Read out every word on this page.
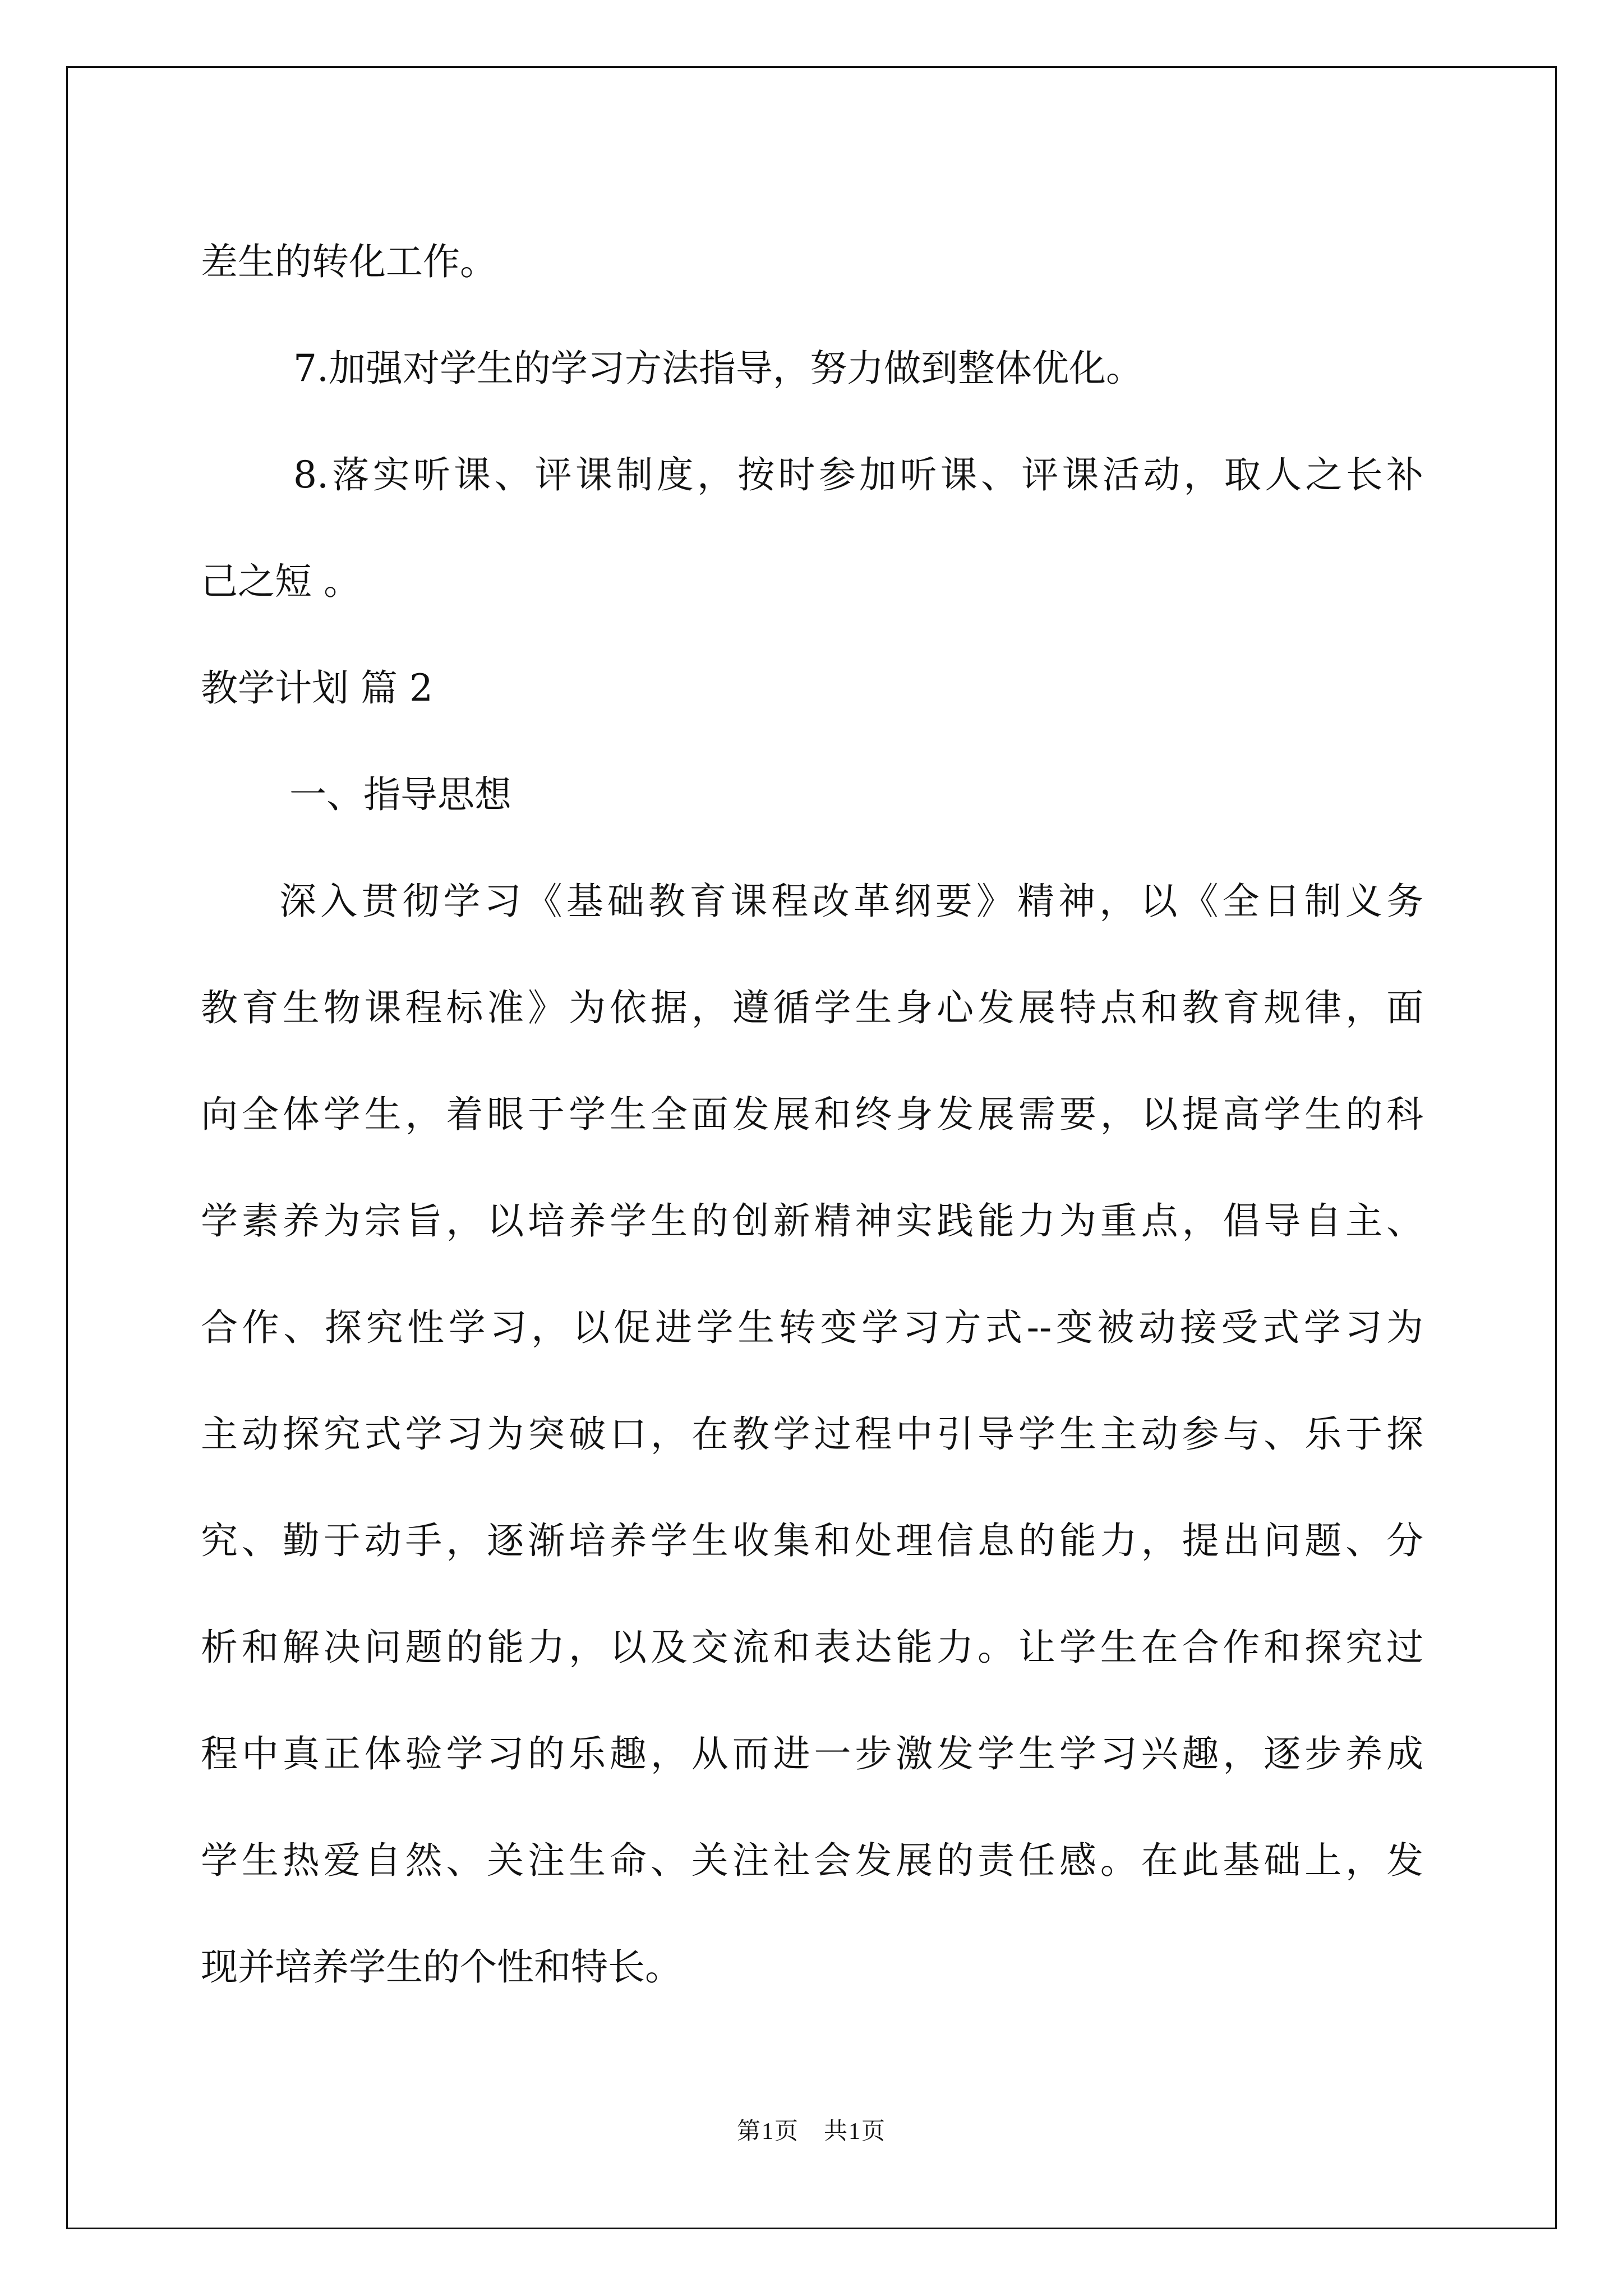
差生的转化工作。

7.加强对学生的学习方法指导，努力做到整体优化。

8.落实听课、评课制度，按时参加听课、评课活动，取人之长补

己之短 。

教学计划 篇 2

一、指导思想

深入贯彻学习《基础教育课程改革纲要》精神，以《全日制义务

教育生物课程标准》为依据，遵循学生身心发展特点和教育规律，面

向全体学生，着眼于学生全面发展和终身发展需要，以提高学生的科

学素养为宗旨，以培养学生的创新精神实践能力为重点，倡导自主、

合作、探究性学习，以促进学生转变学习方式--变被动接受式学习为

主动探究式学习为突破口，在教学过程中引导学生主动参与、乐于探

究、勤于动手，逐渐培养学生收集和处理信息的能力，提出问题、分

析和解决问题的能力，以及交流和表达能力。让学生在合作和探究过

程中真正体验学习的乐趣，从而进一步激发学生学习兴趣，逐步养成

学生热爱自然、关注生命、关注社会发展的责任感。在此基础上，发

现并培养学生的个性和特长。

第1页　共1页
